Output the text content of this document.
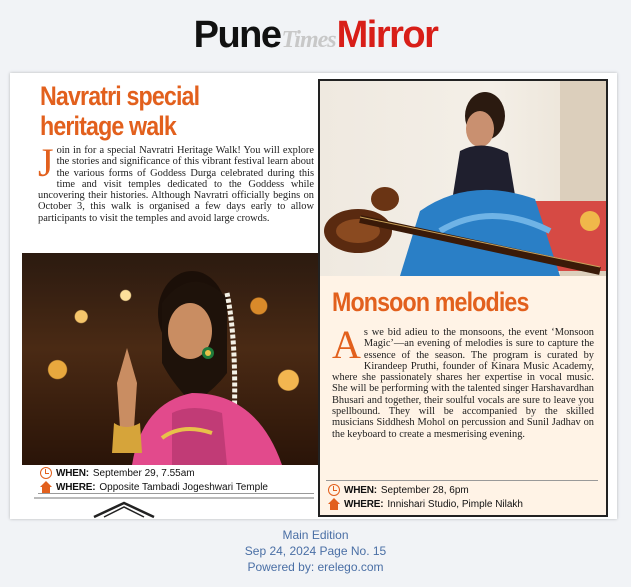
Pune Times Mirror
Navratri special
heritage walk
Join in for a special Navratri Heritage Walk! You will explore the stories and significance of this vibrant festival learn about the various forms of Goddess Durga celebrated during this time and visit temples dedicated to the Goddess while uncovering their histories. Although Navratri officially begins on October 3, this walk is organised a few days early to allow participants to visit the temples and avoid large crowds.
WHEN: September 29, 7.55am
WHERE: Opposite Tambadi Jogeshwari Temple
Monsoon melodies
As we bid adieu to the monsoons, the event ‘Monsoon Magic’—an evening of melodies is sure to capture the essence of the season. The program is curated by Kirandeep Pruthi, founder of Kinara Music Academy, where she passionately shares her expertise in vocal music. She will be performing with the talented singer Harshavardhan Bhusari and together, their soulful vocals are sure to leave you spellbound. They will be accompanied by the skilled musicians Siddhesh Mohol on percussion and Sunil Jadhav on the keyboard to create a mesmerising evening.
WHEN: September 28, 6pm
WHERE: Innishari Studio, Pimple Nilakh
Main Edition
Sep 24, 2024 Page No. 15
Powered by: erelego.com
